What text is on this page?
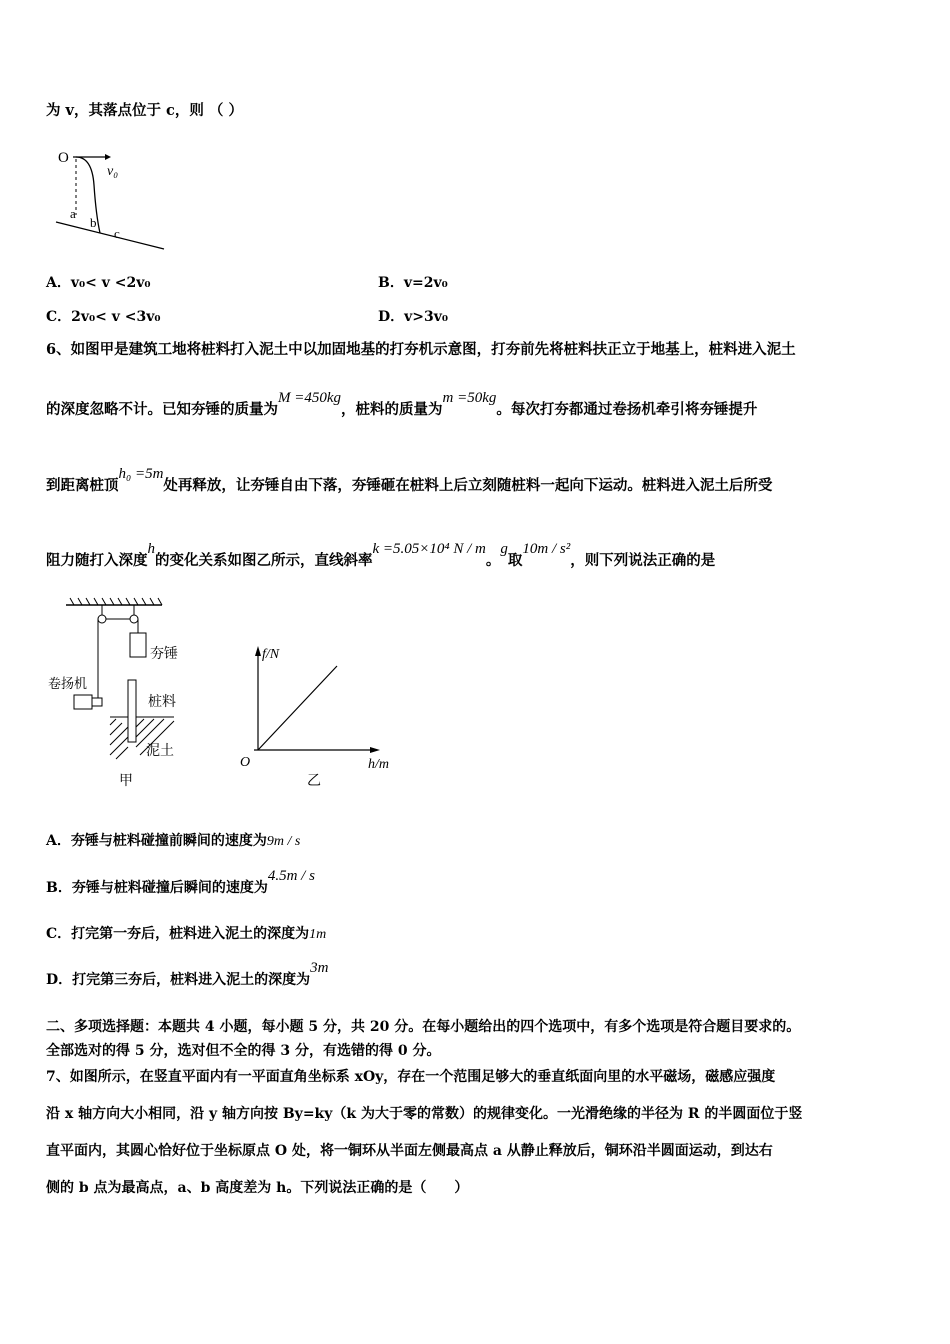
为 v，其落点位于 c，则 （ ）
O
v₀
a
b
c
A．v₀< v <2v₀	B．v=2v₀
C．2v₀< v <3v₀	D．v>3v₀
6、如图甲是建筑工地将桩料打入泥土中以加固地基的打夯机示意图，打夯前先将桩料扶正立于地基上，桩料进入泥土
的深度忽略不计。已知夯锤的质量为M =450kg，桩料的质量为m =50kg。每次打夯都通过卷扬机牵引将夯锤提升
到距离桩顶h₀ =5m处再释放，让夯锤自由下落，夯锤砸在桩料上后立刻随桩料一起向下运动。桩料进入泥土后所受
阻力随打入深度h的变化关系如图乙所示，直线斜率k =5.05×10⁴ N / m。g取10m / s²，则下列说法正确的是
夯锤
卷扬机
桩料
泥土
甲
f/N
h/m
O
乙
A．夯锤与桩料碰撞前瞬间的速度为9m / s
B．夯锤与桩料碰撞后瞬间的速度为4.5m / s
C．打完第一夯后，桩料进入泥土的深度为1m
D．打完第三夯后，桩料进入泥土的深度为3m
二、多项选择题：本题共 4 小题，每小题 5 分，共 20 分。在每小题给出的四个选项中，有多个选项是符合题目要求的。
全部选对的得 5 分，选对但不全的得 3 分，有选错的得 0 分。
7、如图所示，在竖直平面内有一平面直角坐标系 xOy，存在一个范围足够大的垂直纸面向里的水平磁场，磁感应强度
沿 x 轴方向大小相同，沿 y 轴方向按 By=ky（k 为大于零的常数）的规律变化。一光滑绝缘的半径为 R 的半圆面位于竖
直平面内，其圆心恰好位于坐标原点 O 处，将一铜环从半面左侧最高点 a 从静止释放后，铜环沿半圆面运动，到达右
侧的 b 点为最高点，a、b 高度差为 h。下列说法正确的是（　　）
